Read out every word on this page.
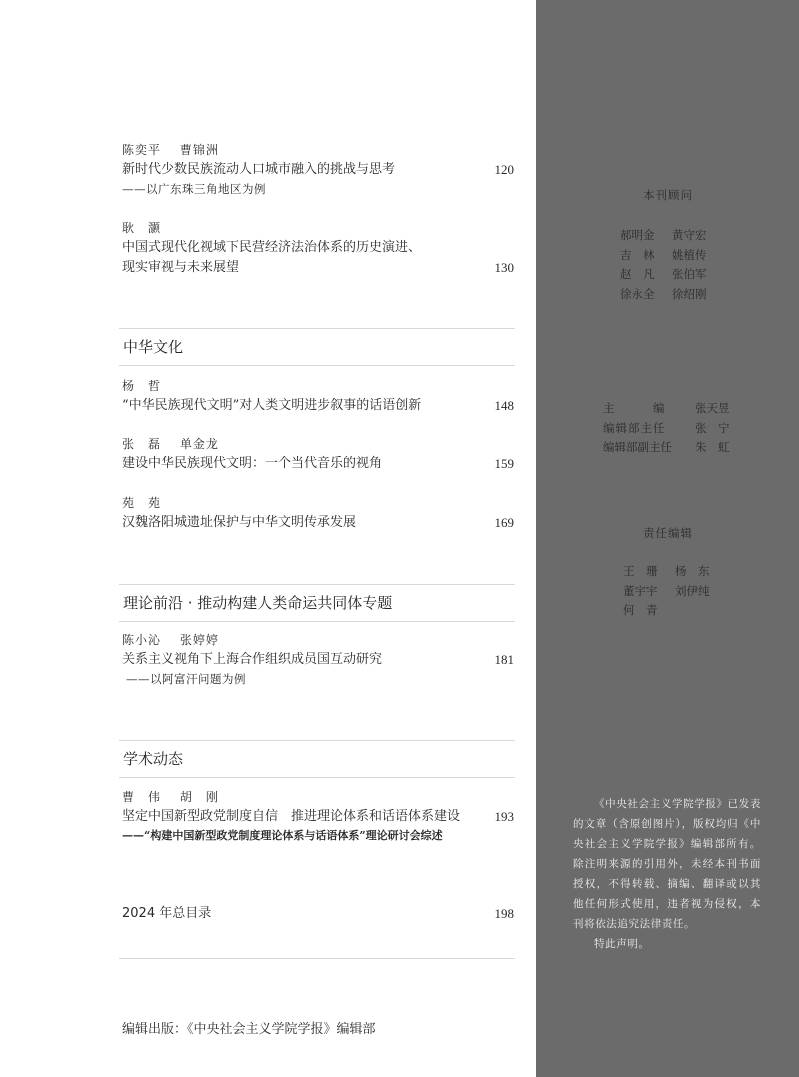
陈奕平 曹锦洲
新时代少数民族流动人口城市融入的挑战与思考	120
——以广东珠三角地区为例
耿　灏
中国式现代化视域下民营经济法治体系的历史演进、
现实审视与未来展望	130
中华文化
杨　哲
“中华民族现代文明”对人类文明进步叙事的话语创新	148
张　磊 单金龙
建设中华民族现代文明：一个当代音乐的视角	159
苑　苑
汉魏洛阳城遗址保护与中华文明传承发展	169
理论前沿 · 推动构建人类命运共同体专题
陈小沁 张婷婷
关系主义视角下上海合作组织成员国互动研究	181
——以阿富汗问题为例
学术动态
曹　伟 胡　刚
坚定中国新型政党制度自信　推进理论体系和话语体系建设	193
——“构建中国新型政党制度理论体系与话语体系”理论研讨会综述
2024 年总目录	198
编辑出版：《中央社会主义学院学报》编辑部
本刊顾问
郝明金 黄守宏
吉　林 姚植传
赵　凡 张伯军
徐永全 徐绍刚
主　　　编	张天昱
编辑部主任	张　宁
编辑部副主任 朱　虹
责任编辑
王　珊 杨　东
董宇宇 刘伊纯
何　青

《中央社会主义学院学报》已发表的文章（含原创图片），版权均归《中央社会主义学院学报》编辑部所有。除注明来源的引用外，未经本刊书面授权，不得转载、摘编、翻译或以其他任何形式使用，违者视为侵权，本刊将依法追究法律责任。

特此声明。
